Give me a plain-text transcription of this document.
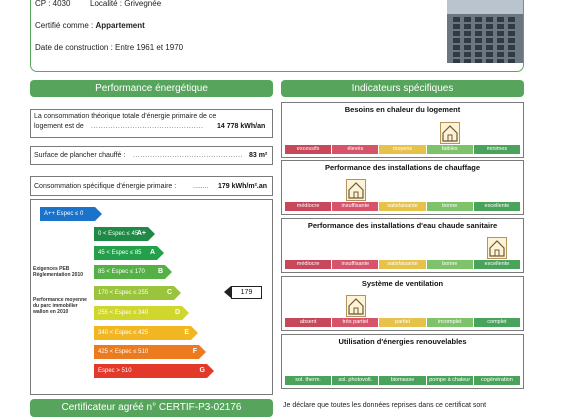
CP : 4030 Localité : Grivegnée
Certifié comme : Appartement
Date de construction : Entre 1961 et 1970
Performance énergétique	Indicateurs spécifiques
La consommation théorique totale d'énergie primaire de ce
logement est de .............................................. 14 778 kWh/an
Surface de plancher chauffé : ............................................. 83 m²
Consommation spécifique d'énergie primaire : ........ 179 kWh/m².an
A++ Espec ≤ 0
0 < Espec ≤ 45
A+
45 < Espec ≤ 85 A
85 < Espec ≤ 170 B
170 < Espec ≤ 255	C
255 < Espec ≤ 340	D
340 < Espec ≤ 425	E
425 < Espec ≤ 510	F
Espec > 510	G
Exigences PEB Réglementation 2010
Performance moyenne du parc immobilier wallon en 2010
179
Besoins en chaleur du logement
excessifs	élevés	moyens	faibles	minimes
Performance des installations de chauffage
médiocre	insuffisante	satisfaisante	bonne	excellente
Performance des installations d'eau chaude sanitaire
médiocre	insuffisante	satisfaisante	bonne	excellente
Système de ventilation
absent	très partiel	partiel	incomplet	complet
Utilisation d'énergies renouvelables
sol. therm.	sol. photovolt.	biomasse	pompe à chaleur	cogénération
Certificateur agréé n° CERTIF-P3-02176	Je déclare que toutes les données reprises dans ce certificat sont
